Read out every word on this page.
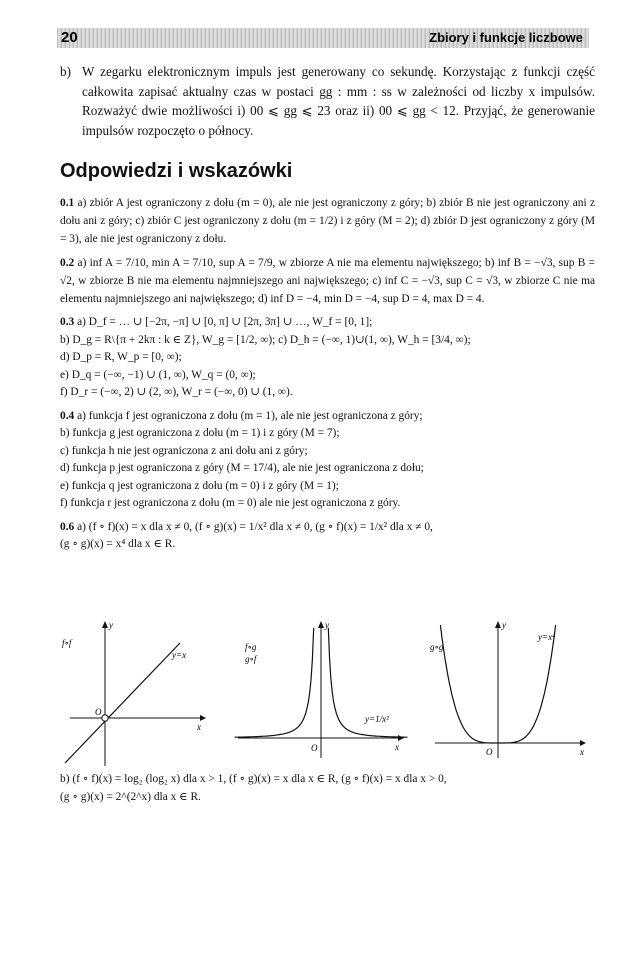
20	Zbiory i funkcje liczbowe
b) W zegarku elektronicznym impuls jest generowany co sekundę. Korzystając z funkcji część całkowita zapisać aktualny czas w postaci gg : mm : ss w zależności od liczby x impulsów. Rozważyć dwie możliwości i) 00 ⩽ gg ⩽ 23 oraz ii) 00 ⩽ gg < 12. Przyjąć, że generowanie impulsów rozpoczęto o północy.
Odpowiedzi i wskazówki
0.1 a) zbiór A jest ograniczony z dołu (m = 0), ale nie jest ograniczony z góry; b) zbiór B nie jest ograniczony ani z dołu ani z góry; c) zbiór C jest ograniczony z dołu (m = 1/2) i z góry (M = 2); d) zbiór D jest ograniczony z góry (M = 3), ale nie jest ograniczony z dołu.
0.2 a) inf A = 7/10, min A = 7/10, sup A = 7/9, w zbiorze A nie ma elementu największego; b) inf B = −√3, sup B = √2, w zbiorze B nie ma elementu najmniejszego ani największego; c) inf C = −√3, sup C = √3, w zbiorze C nie ma elementu najmniejszego ani największego; d) inf D = −4, min D = −4, sup D = 4, max D = 4.
0.3 a) D_f = … ∪ [−2π, −π] ∪ [0, π] ∪ [2π, 3π] ∪ …, W_f = [0, 1];
b) D_g = R\{π + 2kπ : k ∈ Z}, W_g = [1/2, ∞); c) D_h = (−∞, 1)∪(1, ∞), W_h = [3/4, ∞);
d) D_p = R, W_p = [0, ∞);
e) D_q = (−∞, −1) ∪ (1, ∞), W_q = (0, ∞);
f) D_r = (−∞, 2) ∪ (2, ∞), W_r = (−∞, 0) ∪ (1, ∞).
0.4 a) funkcja f jest ograniczona z dołu (m = 1), ale nie jest ograniczona z góry;
b) funkcja g jest ograniczona z dołu (m = 1) i z góry (M = 7);
c) funkcja h nie jest ograniczona z ani dołu ani z góry;
d) funkcja p jest ograniczona z góry (M = 17/4), ale nie jest ograniczona z dołu;
e) funkcja q jest ograniczona z dołu (m = 0) i z góry (M = 1);
f) funkcja r jest ograniczona z dołu (m = 0) ale nie jest ograniczona z góry.
0.6 a) (f ∘ f)(x) = x dla x ≠ 0, (f ∘ g)(x) = 1/x² dla x ≠ 0, (g ∘ f)(x) = 1/x² dla x ≠ 0,
(g ∘ g)(x) = x⁴ dla x ∈ R.
f∘f
y=x
O
x
y
f∘g
g∘f
y=1/x²
O	x
y
g∘g
y=x⁴
O	x
y
b) (f ∘ f)(x) = log₂ (log₂ x) dla x > 1, (f ∘ g)(x) = x dla x ∈ R, (g ∘ f)(x) = x dla x > 0,
(g ∘ g)(x) = 2^(2^x) dla x ∈ R.
